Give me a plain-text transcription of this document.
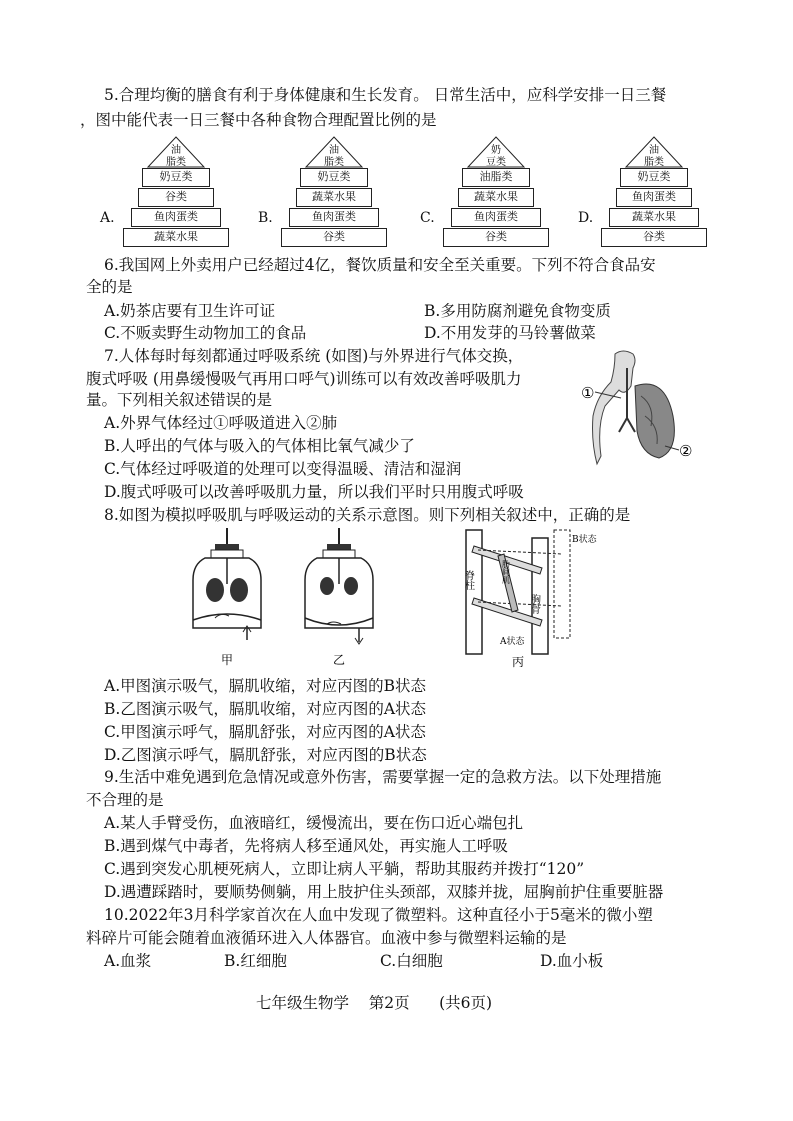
5.合理均衡的膳食有利于身体健康和生长发育。 日常生活中，应科学安排一日三餐
，图中能代表一日三餐中各种食物合理配置比例的是
A.
油
脂类
奶豆类
谷类
鱼肉蛋类
蔬菜水果
B.
油
脂类
奶豆类
蔬菜水果
鱼肉蛋类
谷类
C.
奶
豆类
油脂类
蔬菜水果
鱼肉蛋类
谷类
D.
油
脂类
奶豆类
鱼肉蛋类
蔬菜水果
谷类
6.我国网上外卖用户已经超过4亿，餐饮质量和安全至关重要。下列不符合食品安
全的是
A.奶茶店要有卫生许可证	B.多用防腐剂避免食物变质
C.不贩卖野生动物加工的食品	D.不用发芽的马铃薯做菜
7.人体每时每刻都通过呼吸系统 (如图)与外界进行气体交换，
腹式呼吸 (用鼻缓慢吸气再用口呼气)训练可以有效改善呼吸肌力
量。下列相关叙述错误的是
A.外界气体经过①呼吸道进入②肺
B.人呼出的气体与吸入的气体相比氧气减少了
C.气体经过呼吸道的处理可以变得温暖、清洁和湿润
D.腹式呼吸可以改善呼吸肌力量，所以我们平时只用腹式呼吸
①
②
8.如图为模拟呼吸肌与呼吸运动的关系示意图。则下列相关叙述中，正确的是
甲	乙
脊柱
胸骨
肋间肌
B状态
A状态
丙
A.甲图演示吸气，膈肌收缩，对应丙图的B状态
B.乙图演示吸气，膈肌收缩，对应丙图的A状态
C.甲图演示呼气，膈肌舒张，对应丙图的A状态
D.乙图演示呼气，膈肌舒张，对应丙图的B状态
9.生活中难免遇到危急情况或意外伤害，需要掌握一定的急救方法。以下处理措施
不合理的是
A.某人手臂受伤，血液暗红，缓慢流出，要在伤口近心端包扎
B.遇到煤气中毒者，先将病人移至通风处，再实施人工呼吸
C.遇到突发心肌梗死病人，立即让病人平躺，帮助其服药并拨打“120”
D.遇遭踩踏时，要顺势侧躺，用上肢护住头颈部，双膝并拢，屈胸前护住重要脏器
10.2022年3月科学家首次在人血中发现了微塑料。这种直径小于5毫米的微小塑
料碎片可能会随着血液循环进入人体器官。血液中参与微塑料运输的是
A.血浆	B.红细胞	C.白细胞	D.血小板
七年级生物学    第2页      (共6页)
